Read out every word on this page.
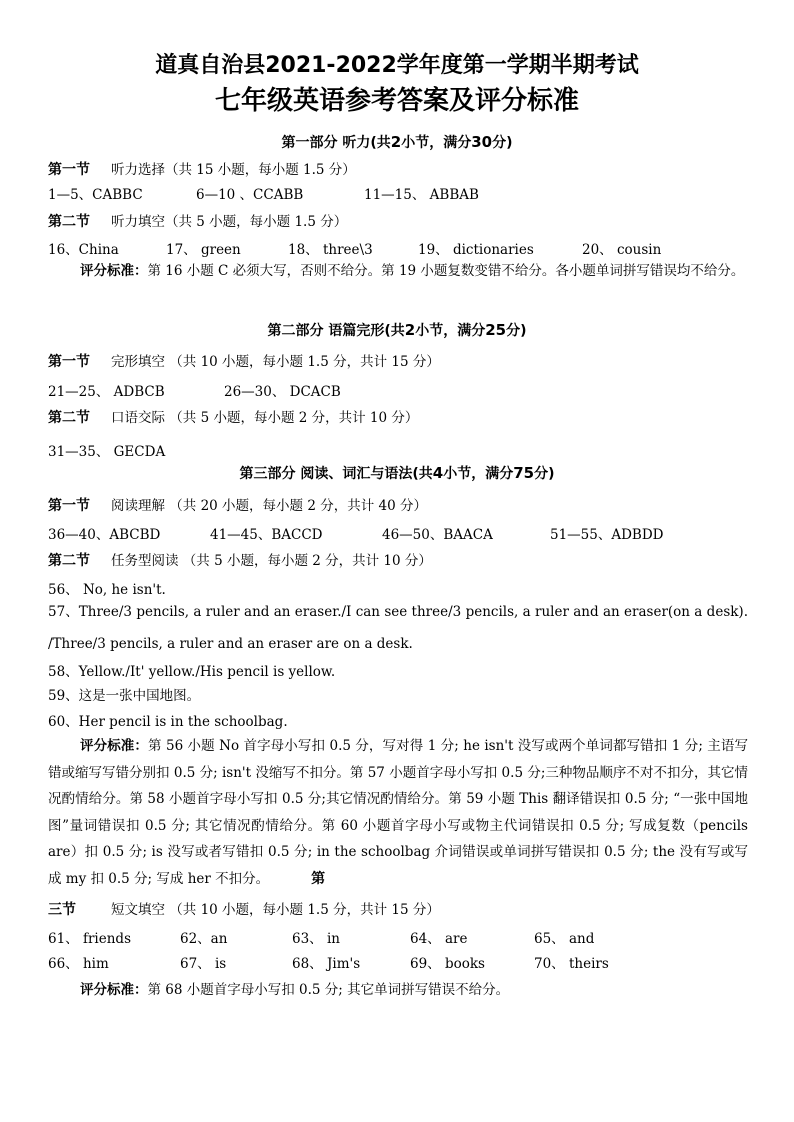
道真自治县2021-2022学年度第一学期半期考试
七年级英语参考答案及评分标准
第一部分 听力(共2小节，满分30分)
第一节 听力选择（共 15 小题，每小题 1.5 分）
1—5、CABBC	6—10 、CCABB	11—15、 ABBAB
第二节 听力填空（共 5 小题，每小题 1.5 分）
16、China	17、 green	18、 three\3	19、 dictionaries	20、 cousin
评分标准：第 16 小题 C 必须大写，否则不给分。第 19 小题复数变错不给分。各小题单词拼写错误均不给分。
第二部分 语篇完形(共2小节，满分25分)
第一节 完形填空 （共 10 小题，每小题 1.5 分，共计 15 分）
21—25、 ADBCB	26—30、 DCACB
第二节 口语交际 （共 5 小题，每小题 2 分，共计 10 分）
31—35、 GECDA
第三部分 阅读、词汇与语法(共4小节，满分75分)
第一节 阅读理解 （共 20 小题，每小题 2 分，共计 40 分）
36—40、ABCBD	41—45、BACCD	46—50、BAACA	51—55、ADBDD
第二节 任务型阅读 （共 5 小题，每小题 2 分，共计 10 分）
56、 No, he isn't.
57、Three/3 pencils, a ruler and an eraser./I can see three/3 pencils, a ruler and an eraser(on a desk). /Three/3 pencils, a ruler and an eraser are on a desk.
58、Yellow./It' yellow./His pencil is yellow.
59、这是一张中国地图。
60、Her pencil is in the schoolbag.
评分标准：第 56 小题 No 首字母小写扣 0.5 分，写对得 1 分; he isn't 没写或两个单词都写错扣 1 分; 主语写错或缩写写错分别扣 0.5 分; isn't 没缩写不扣分。第 57 小题首字母小写扣 0.5 分;三种物品顺序不对不扣分，其它情况酌情给分。第 58 小题首字母小写扣 0.5 分;其它情况酌情给分。第 59 小题 This 翻译错误扣 0.5 分; “一张中国地图”量词错误扣 0.5 分; 其它情况酌情给分。第 60 小题首字母小写或物主代词错误扣 0.5 分; 写成复数（pencils are）扣 0.5 分; is 没写或者写错扣 0.5 分; in the schoolbag 介词错误或单词拼写错误扣 0.5 分; the 没有写或写成 my 扣 0.5 分; 写成 her 不扣分。	第
三节	短文填空 （共 10 小题，每小题 1.5 分，共计 15 分）
61、 friends	62、an	63、 in	64、 are	65、 and
66、 him	67、 is	68、 Jim's	69、 books	70、 theirs
评分标准：第 68 小题首字母小写扣 0.5 分; 其它单词拼写错误不给分。
